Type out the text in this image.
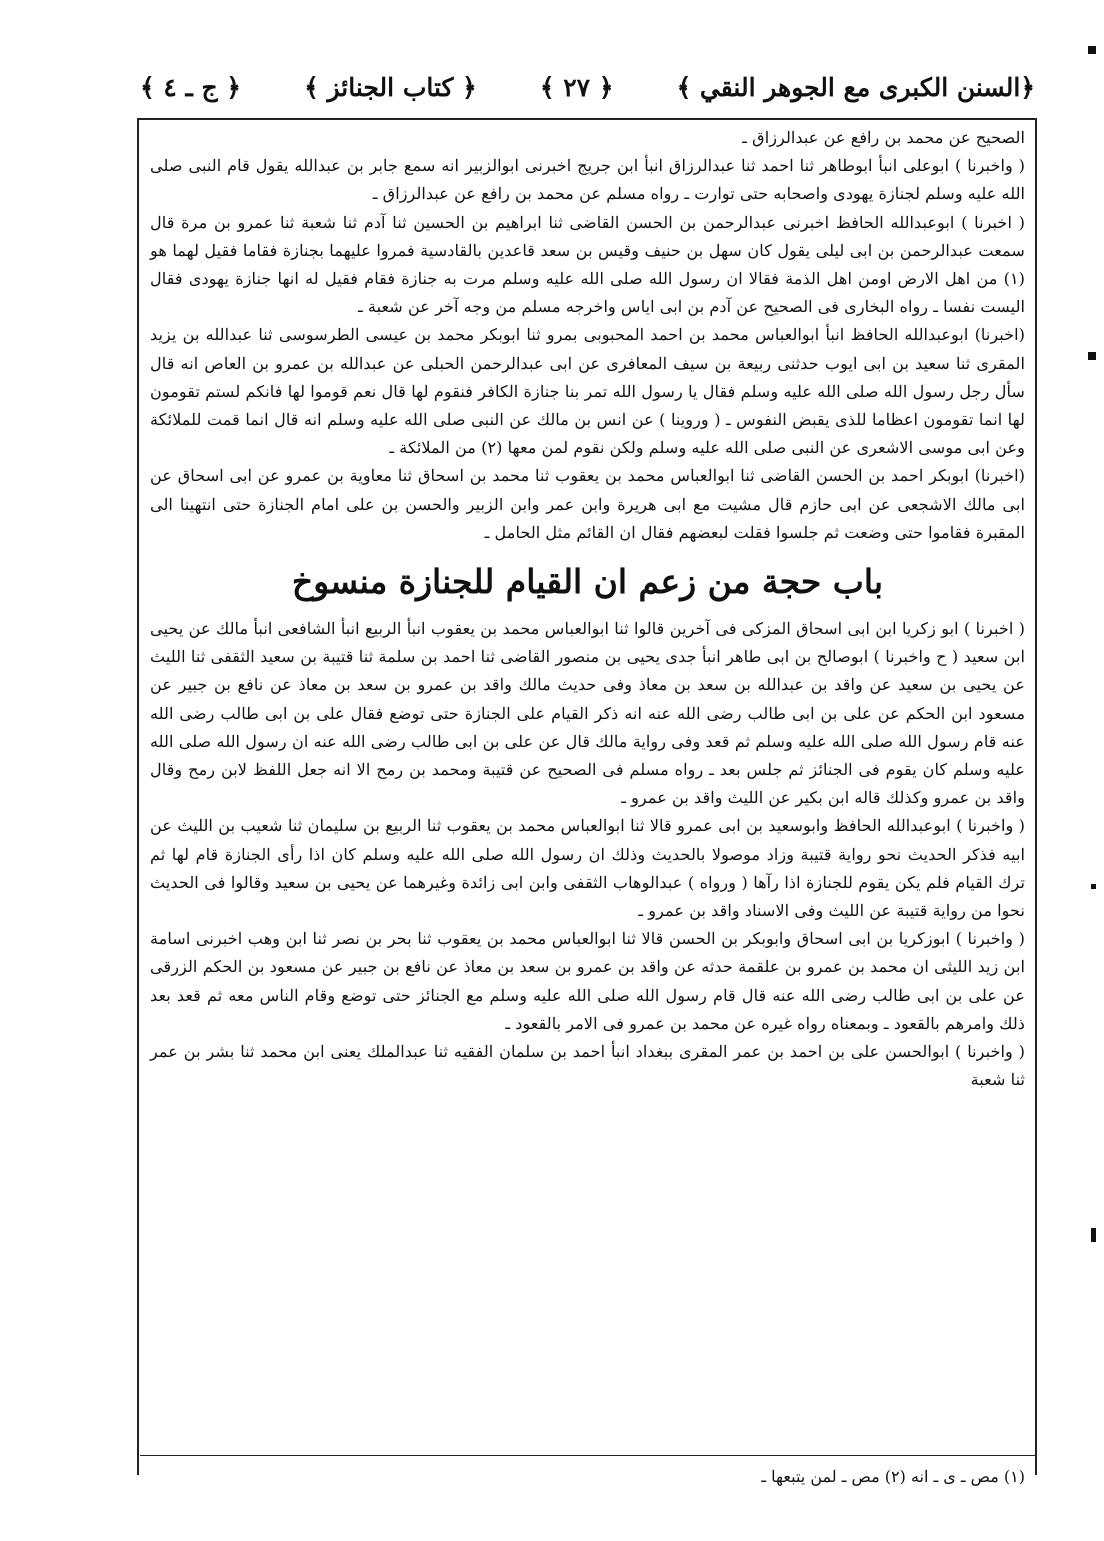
﴿السنن الكبرى مع الجوهر النقي ﴾
﴿ ٢٧ ﴾
﴿ كتاب الجنائز ﴾
﴿ ج ـ ٤ ﴾

الصحيح عن محمد بن رافع عن عبدالرزاق ـ

( واخبرنا ) ابوعلى انبأ ابوطاهر ثنا احمد ثنا عبدالرزاق انبأ ابن جريج اخبرنى ابوالزبير انه سمع جابر بن عبدالله يقول قام النبى صلى الله عليه وسلم لجنازة يهودى واصحابه حتى توارت ـ رواه مسلم عن محمد بن رافع عن عبدالرزاق ـ

( اخبرنا ) ابوعبدالله الحافظ اخبرنى عبدالرحمن بن الحسن القاضى ثنا ابراهيم بن الحسين ثنا آدم ثنا شعبة ثنا عمرو بن مرة قال سمعت عبدالرحمن بن ابى ليلى يقول كان سهل بن حنيف وقيس بن سعد قاعدين بالقادسية فمروا عليهما بجنازة فقاما فقيل لهما هو (١) من اهل الارض اومن اهل الذمة فقالا ان رسول الله صلى الله عليه وسلم مرت به جنازة فقام فقيل له انها جنازة يهودى فقال اليست نفسا ـ رواه البخارى فى الصحيح عن آدم بن ابى اياس واخرجه مسلم من وجه آخر عن شعبة ـ

(اخبرنا) ابوعبدالله الحافظ انبأ ابوالعباس محمد بن احمد المحبوبى بمرو ثنا ابوبكر محمد بن عيسى الطرسوسى ثنا عبدالله بن يزيد المقرى ثنا سعيد بن ابى ايوب حدثنى ربيعة بن سيف المعافرى عن ابى عبدالرحمن الحبلى عن عبدالله بن عمرو بن العاص انه قال سأل رجل رسول الله صلى الله عليه وسلم فقال يا رسول الله تمر بنا جنازة الكافر فنقوم لها قال نعم قوموا لها فانكم لستم تقومون لها انما تقومون اعظاما للذى يقبض النفوس ـ ( وروينا ) عن انس بن مالك عن النبى صلى الله عليه وسلم انه قال انما قمت للملائكة وعن ابى موسى الاشعرى عن النبى صلى الله عليه وسلم ولكن نقوم لمن معها (٢) من الملائكة ـ

(اخبرنا) ابوبكر احمد بن الحسن القاضى ثنا ابوالعباس محمد بن يعقوب ثنا محمد بن اسحاق ثنا معاوية بن عمرو عن ابى اسحاق عن ابى مالك الاشجعى عن ابى حازم قال مشيت مع ابى هريرة وابن عمر وابن الزبير والحسن بن على امام الجنازة حتى انتهينا الى المقبرة فقاموا حتى وضعت ثم جلسوا فقلت لبعضهم فقال ان القائم مثل الحامل ـ

باب حجة من زعم ان القيام للجنازة منسوخ

( اخبرنا ) ابو زكريا ابن ابى اسحاق المزكى فى آخرين قالوا ثنا ابوالعباس محمد بن يعقوب انبأ الربيع انبأ الشافعى انبأ مالك عن يحيى ابن سعيد ( ح واخبرنا ) ابوصالح بن ابى طاهر انبأ جدى يحيى بن منصور القاضى ثنا احمد بن سلمة ثنا قتيبة بن سعيد الثقفى ثنا الليث عن يحيى بن سعيد عن واقد بن عبدالله بن سعد بن معاذ وفى حديث مالك واقد بن عمرو بن سعد بن معاذ عن نافع بن جبير عن مسعود ابن الحكم عن على بن ابى طالب رضى الله عنه انه ذكر القيام على الجنازة حتى توضع فقال على بن ابى طالب رضى الله عنه قام رسول الله صلى الله عليه وسلم ثم قعد وفى رواية مالك قال عن على بن ابى طالب رضى الله عنه ان رسول الله صلى الله عليه وسلم كان يقوم فى الجنائز ثم جلس بعد ـ رواه مسلم فى الصحيح عن قتيبة ومحمد بن رمح الا انه جعل اللفظ لابن رمح وقال واقد بن عمرو وكذلك قاله ابن بكير عن الليث واقد بن عمرو ـ

( واخبرنا ) ابوعبدالله الحافظ وابوسعيد بن ابى عمرو قالا ثنا ابوالعباس محمد بن يعقوب ثنا الربيع بن سليمان ثنا شعيب بن الليث عن ابيه فذكر الحديث نحو رواية قتيبة وزاد موصولا بالحديث وذلك ان رسول الله صلى الله عليه وسلم كان اذا رأى الجنازة قام لها ثم ترك القيام فلم يكن يقوم للجنازة اذا رآها ( ورواه ) عبدالوهاب الثقفى وابن ابى زائدة وغيرهما عن يحيى بن سعيد وقالوا فى الحديث نحوا من رواية قتيبة عن الليث وفى الاسناد واقد بن عمرو ـ

( واخبرنا ) ابوزكريا بن ابى اسحاق وابوبكر بن الحسن قالا ثنا ابوالعباس محمد بن يعقوب ثنا بحر بن نصر ثنا ابن وهب اخبرنى اسامة ابن زيد الليثى ان محمد بن عمرو بن علقمة حدثه عن واقد بن عمرو بن سعد بن معاذ عن نافع بن جبير عن مسعود بن الحكم الزرقى عن على بن ابى طالب رضى الله عنه قال قام رسول الله صلى الله عليه وسلم مع الجنائز حتى توضع وقام الناس معه ثم قعد بعد ذلك وامرهم بالقعود ـ وبمعناه رواه غيره عن محمد بن عمرو فى الامر بالقعود ـ

( واخبرنا ) ابوالحسن على بن احمد بن عمر المقرى ببغداد انبأ احمد بن سلمان الفقيه ثنا عبدالملك يعنى ابن محمد ثنا بشر بن عمر ثنا شعبة

(١) مص ـ ى ـ انه (٢) مص ـ لمن يتبعها ـ
